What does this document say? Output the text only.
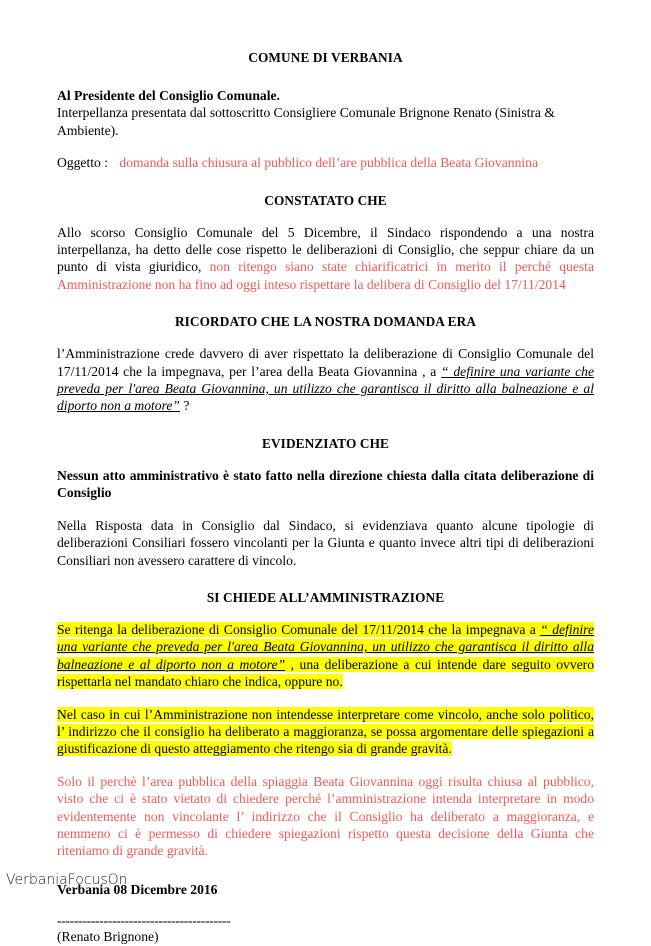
COMUNE DI VERBANIA

Al Presidente del Consiglio Comunale.

Interpellanza presentata dal sottoscritto Consigliere Comunale Brignone Renato (Sinistra & Ambiente).

Oggetto : domanda sulla chiusura al pubblico dell’are pubblica della Beata Giovannina

CONSTATATO CHE

Allo scorso Consiglio Comunale del 5 Dicembre, il Sindaco rispondendo a una nostra interpellanza, ha detto delle cose rispetto le deliberazioni di Consiglio, che seppur chiare da un punto di vista giuridico, non ritengo siano state chiarificatrici in merito il perché questa Amministrazione non ha fino ad oggi inteso rispettare la delibera di Consiglio del 17/11/2014

RICORDATO CHE LA NOSTRA DOMANDA ERA

l’Amministrazione crede davvero di aver rispettato la deliberazione di Consiglio Comunale del 17/11/2014 che la impegnava, per l’area della Beata Giovannina , a “ definire una variante che preveda per l'area Beata Giovannina, un utilizzo che garantisca il diritto alla balneazione e al diporto non a motore” ?

EVIDENZIATO CHE

Nessun atto amministrativo è stato fatto nella direzione chiesta dalla citata deliberazione di Consiglio

Nella Risposta data in Consiglio dal Sindaco, si evidenziava quanto alcune tipologie di deliberazioni Consiliari fossero vincolanti per la Giunta e quanto invece altri tipi di deliberazioni Consiliari non avessero carattere di vincolo.

SI CHIEDE ALL’AMMINISTRAZIONE

Se ritenga la deliberazione di Consiglio Comunale del 17/11/2014 che la impegnava a “ definire una variante che preveda per l'area Beata Giovannina, un utilizzo che garantisca il diritto alla balneazione e al diporto non a motore” , una deliberazione a cui intende dare seguito ovvero rispettarla nel mandato chiaro che indica, oppure no.

Nel caso in cui l’Amministrazione non intendesse interpretare come vincolo, anche solo politico, l’ indirizzo che il consiglio ha deliberato a maggioranza, se possa argomentare delle spiegazioni a giustificazione di questo atteggiamento che ritengo sia di grande gravità.

Solo il perchè l’area pubblica della spiaggia Beata Giovannina oggi risulta chiusa al pubblico, visto che ci è stato vietato di chiedere perché l’amministrazione intenda interpretare in modo evidentemente non vincolante l’ indirizzo che il Consiglio ha deliberato a maggioranza, e nemmeno ci è permesso di chiedere spiegazioni rispetto questa decisione della Giunta che riteniamo di grande gravità.

Verbania 08 Dicembre 2016

-----------------------------------------

(Renato Brignone)

VerbaniaFocusOn
